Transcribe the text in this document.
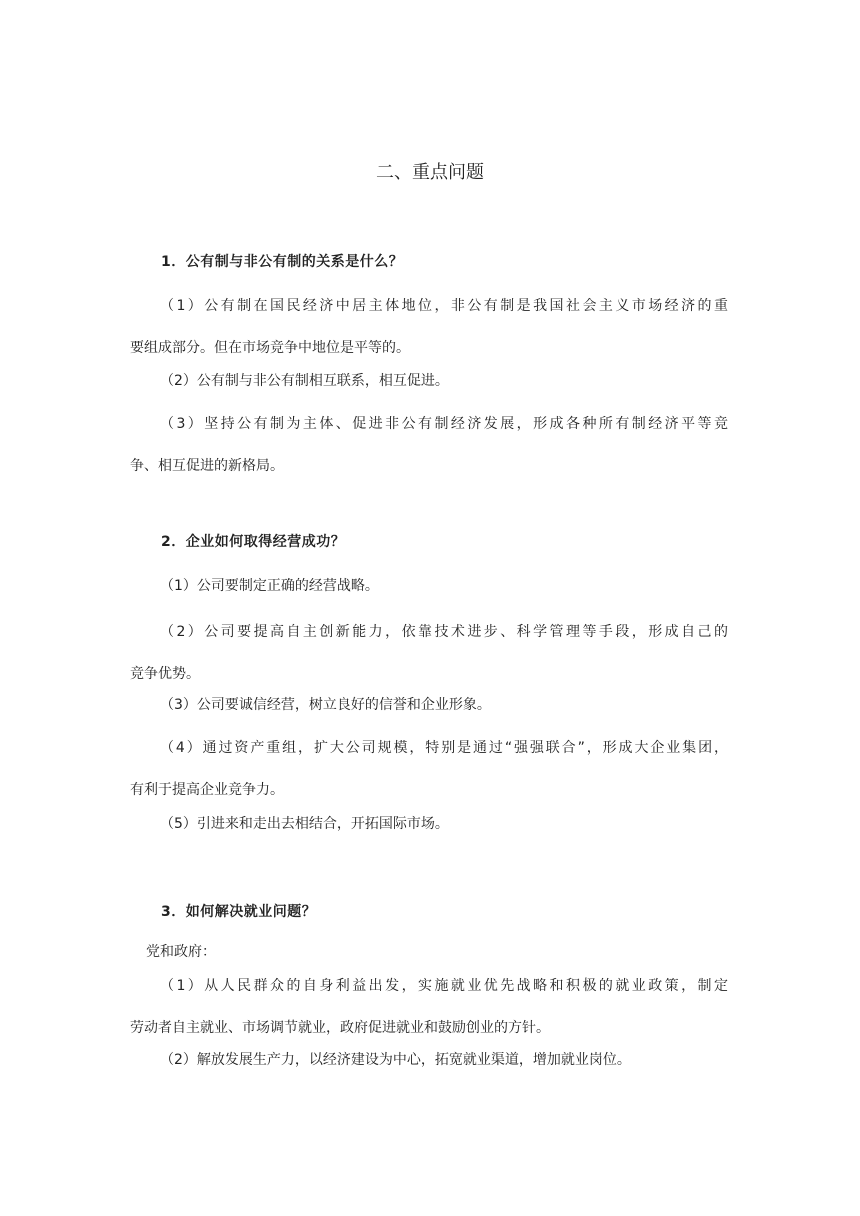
二、重点问题
1．公有制与非公有制的关系是什么？
（1）公有制在国民经济中居主体地位，非公有制是我国社会主义市场经济的重
要组成部分。但在市场竞争中地位是平等的。
（2）公有制与非公有制相互联系，相互促进。
（3）坚持公有制为主体、促进非公有制经济发展，形成各种所有制经济平等竞
争、相互促进的新格局。
2．企业如何取得经营成功？
（1）公司要制定正确的经营战略。
（2）公司要提高自主创新能力，依靠技术进步、科学管理等手段，形成自己的
竞争优势。
（3）公司要诚信经营，树立良好的信誉和企业形象。
（4）通过资产重组，扩大公司规模，特别是通过“强强联合”，形成大企业集团，
有利于提高企业竞争力。
（5）引进来和走出去相结合，开拓国际市场。
3．如何解决就业问题？
党和政府：
（1）从人民群众的自身利益出发，实施就业优先战略和积极的就业政策，制定
劳动者自主就业、市场调节就业，政府促进就业和鼓励创业的方针。
（2）解放发展生产力，以经济建设为中心，拓宽就业渠道，增加就业岗位。
